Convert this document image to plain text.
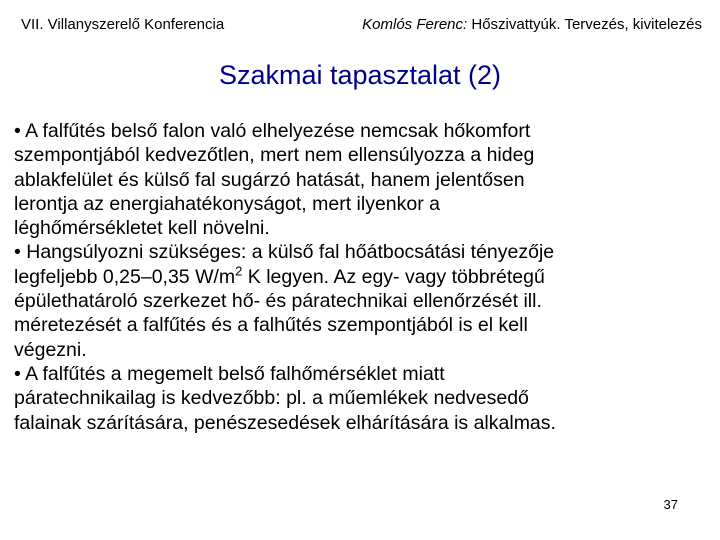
VII. Villanyszerelő Konferencia	Komlós Ferenc: Hőszivattyúk. Tervezés, kivitelezés
Szakmai tapasztalat (2)

• A falfűtés belső falon való elhelyezése nemcsak hőkomfort

szempontjából kedvezőtlen, mert nem ellensúlyozza a hideg

ablakfelület és külső fal sugárzó hatását, hanem jelentősen

lerontja az energiahatékonyságot, mert ilyenkor a

léghőmérsékletet kell növelni.

• Hangsúlyozni szükséges: a külső fal hőátbocsátási tényezője

legfeljebb 0,25–0,35 $W/m^2$ K legyen. Az egy- vagy többrétegű

épülethatároló szerkezet hő- és páratechnikai ellenőrzését ill.

méretezését a falfűtés és a falhűtés szempontjából is el kell

végezni.

• A falfűtés a megemelt belső falhőmérséklet miatt

páratechnikailag is kedvezőbb: pl. a műemlékek nedvesedő

falainak szárítására, penészesedések elhárítására is alkalmas.

37
